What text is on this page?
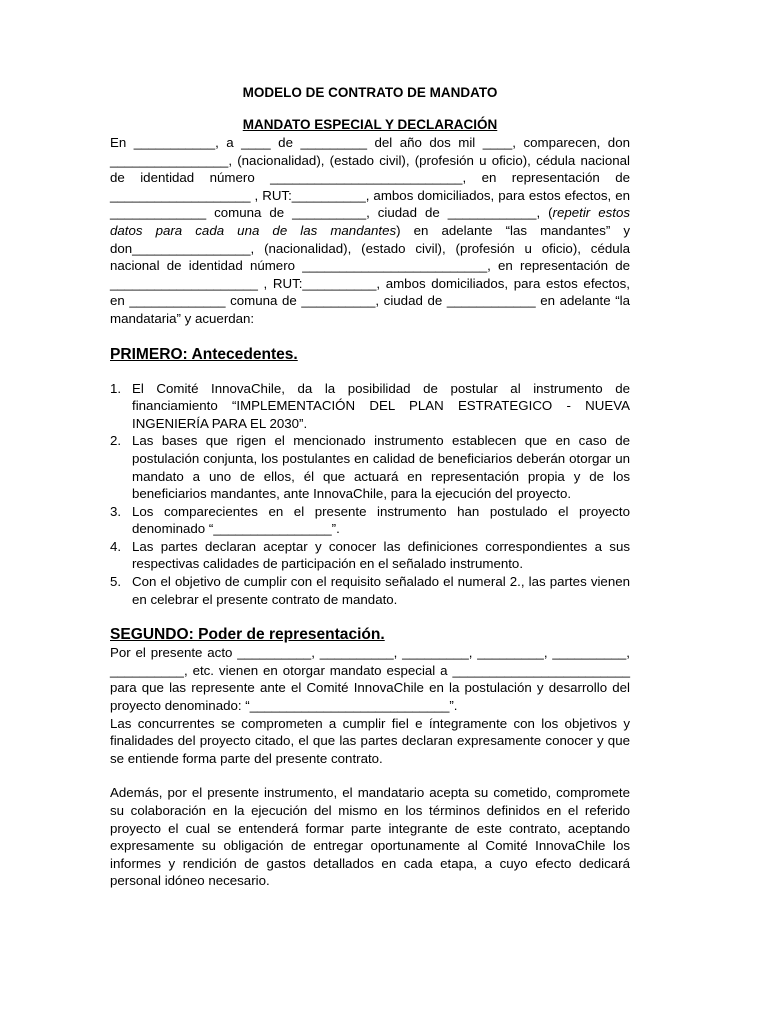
MODELO DE CONTRATO DE MANDATO
MANDATO ESPECIAL Y DECLARACIÓN

En ___________, a ____ de _________ del año dos mil ____, comparecen, don ________________, (nacionalidad), (estado civil), (profesión u oficio), cédula nacional de identidad número __________________________, en representación de ___________________ , RUT:__________, ambos domiciliados, para estos efectos, en _____________ comuna de __________, ciudad de ____________, (repetir estos datos para cada una de las mandantes) en adelante “las mandantes” y don________________, (nacionalidad), (estado civil), (profesión u oficio), cédula nacional de identidad número _________________________, en representación de ____________________ , RUT:__________, ambos domiciliados, para estos efectos, en _____________ comuna de __________, ciudad de ____________ en adelante “la mandataria” y acuerdan:

PRIMERO: Antecedentes.
1. El Comité InnovaChile, da la posibilidad de postular al instrumento de financiamiento “IMPLEMENTACIÓN DEL PLAN ESTRATEGICO - NUEVA INGENIERÍA PARA EL 2030”.
2. Las bases que rigen el mencionado instrumento establecen que en caso de postulación conjunta, los postulantes en calidad de beneficiarios deberán otorgar un mandato a uno de ellos, él que actuará en representación propia y de los beneficiarios mandantes, ante InnovaChile, para la ejecución del proyecto.
3. Los comparecientes en el presente instrumento han postulado el proyecto denominado “________________”.
4. Las partes declaran aceptar y conocer las definiciones correspondientes a sus respectivas calidades de participación en el señalado instrumento.
5. Con el objetivo de cumplir con el requisito señalado el numeral 2., las partes vienen en celebrar el presente contrato de mandato.
SEGUNDO: Poder de representación.

Por el presente acto __________, __________, _________, _________, __________, __________, etc. vienen en otorgar mandato especial a ________________________ para que las represente ante el Comité InnovaChile en la postulación y desarrollo del proyecto denominado: “___________________________”.

Las concurrentes se comprometen a cumplir fiel e íntegramente con los objetivos y finalidades del proyecto citado, el que las partes declaran expresamente conocer y que se entiende forma parte del presente contrato.

Además, por el presente instrumento, el mandatario acepta su cometido, compromete su colaboración en la ejecución del mismo en los términos definidos en el referido proyecto el cual se entenderá formar parte integrante de este contrato, aceptando expresamente su obligación de entregar oportunamente al Comité InnovaChile los informes y rendición de gastos detallados en cada etapa, a cuyo efecto dedicará personal idóneo necesario.
